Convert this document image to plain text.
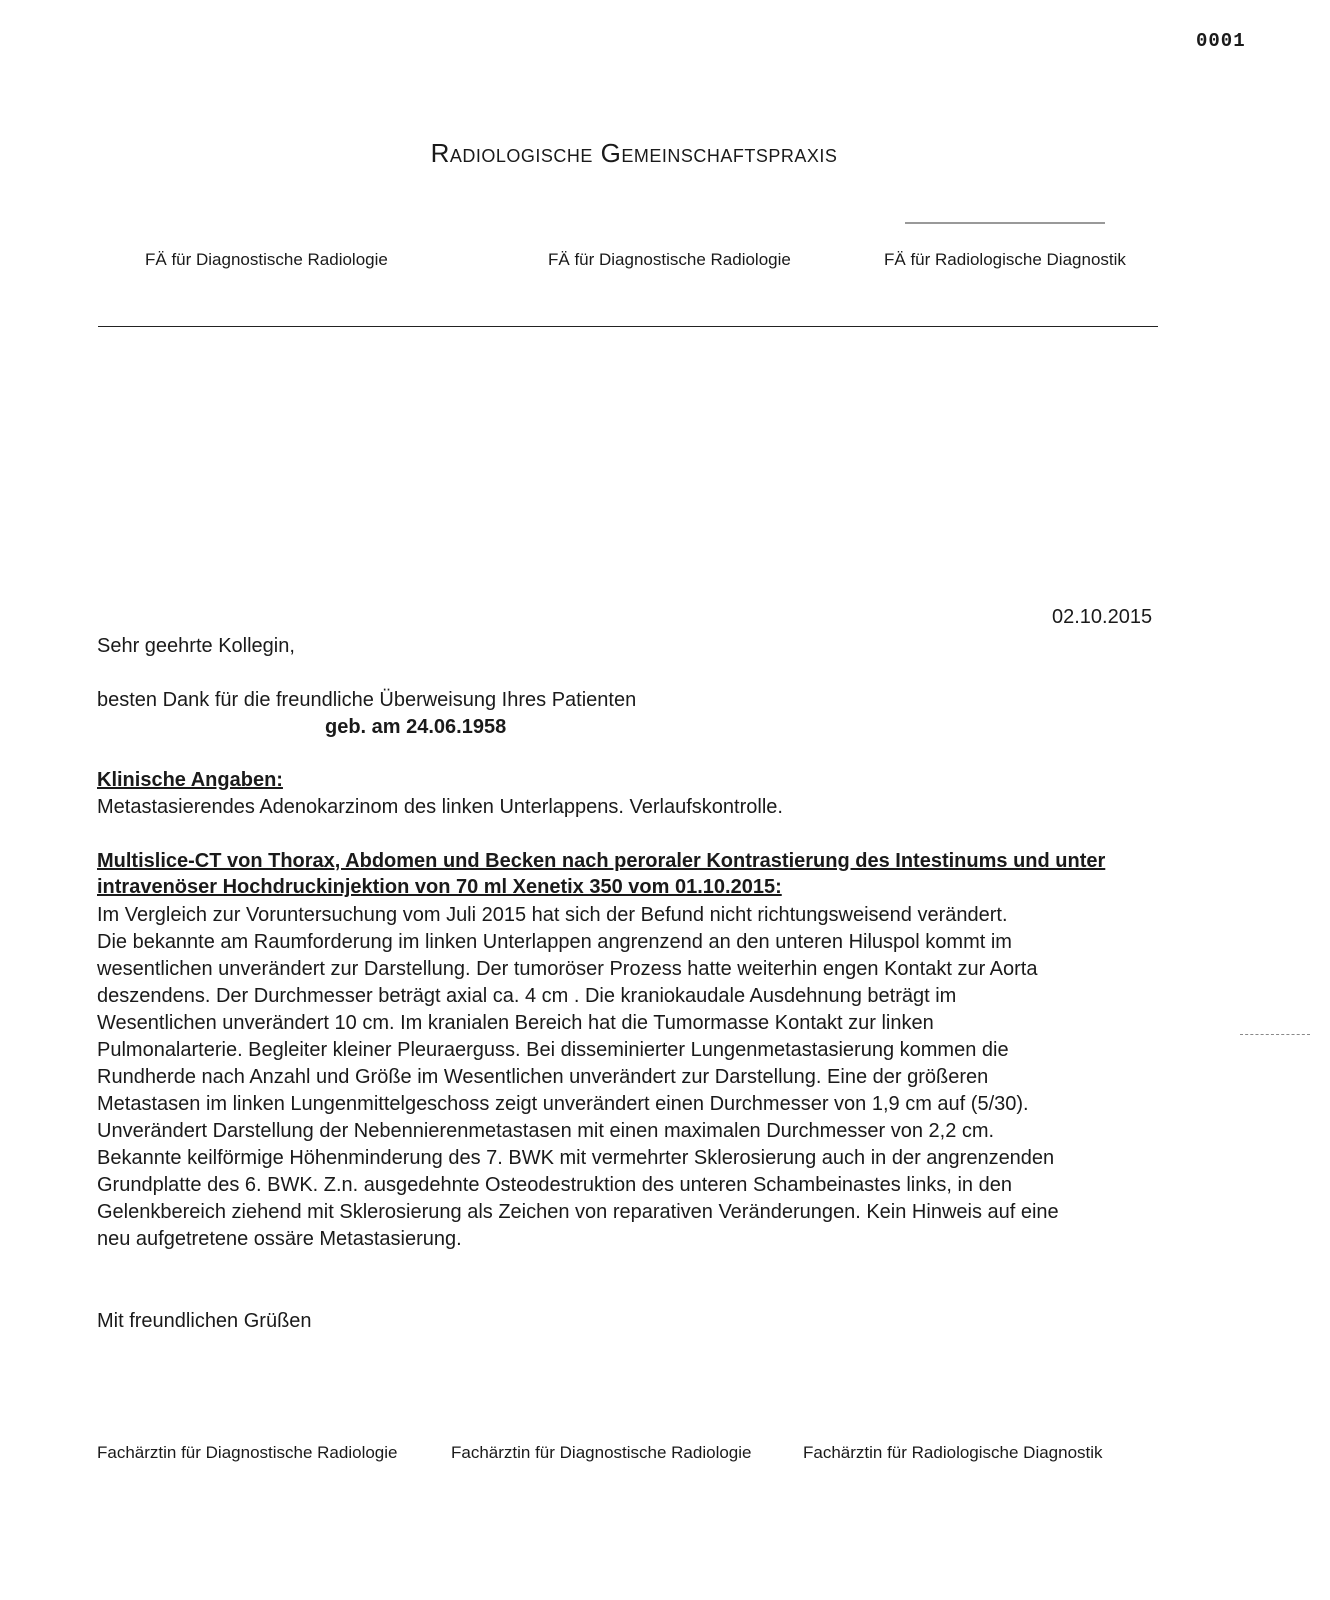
0001
Radiologische Gemeinschaftspraxis
FÄ für Diagnostische Radiologie	FÄ für Diagnostische Radiologie	FÄ für Radiologische Diagnostik
02.10.2015
Sehr geehrte Kollegin,
besten Dank für die freundliche Überweisung Ihres Patienten
geb. am 24.06.1958
Klinische Angaben:
Metastasierendes Adenokarzinom des linken Unterlappens. Verlaufskontrolle.
Multislice-CT von Thorax, Abdomen und Becken nach peroraler Kontrastierung des Intestinums und unter intravenöser Hochdruckinjektion von 70 ml Xenetix 350 vom 01.10.2015:
Im Vergleich zur Voruntersuchung vom Juli 2015 hat sich der Befund nicht richtungsweisend verändert.
Die bekannte am Raumforderung im linken Unterlappen angrenzend an den unteren Hiluspol kommt im
wesentlichen unverändert zur Darstellung. Der tumoröser Prozess hatte weiterhin engen Kontakt zur Aorta
deszendens. Der Durchmesser beträgt axial ca. 4 cm . Die kraniokaudale Ausdehnung beträgt im
Wesentlichen unverändert 10 cm. Im kranialen Bereich hat die Tumormasse Kontakt zur linken
Pulmonalarterie. Begleiter kleiner Pleuraerguss. Bei disseminierter Lungenmetastasierung kommen die
Rundherde nach Anzahl und Größe im Wesentlichen unverändert zur Darstellung. Eine der größeren
Metastasen im linken Lungenmittelgeschoss zeigt unverändert einen Durchmesser von 1,9 cm auf (5/30).
Unverändert Darstellung der Nebennierenmetastasen mit einen maximalen Durchmesser von 2,2 cm.
Bekannte keilförmige Höhenminderung des 7. BWK mit vermehrter Sklerosierung auch in der angrenzenden
Grundplatte des 6. BWK. Z.n. ausgedehnte Osteodestruktion des unteren Schambeinastes links, in den
Gelenkbereich ziehend mit Sklerosierung als Zeichen von reparativen Veränderungen. Kein Hinweis auf eine
neu aufgetretene ossäre Metastasierung.
Mit freundlichen Grüßen
Fachärztin für Diagnostische Radiologie	Fachärztin für Diagnostische Radiologie	Fachärztin für Radiologische Diagnostik
